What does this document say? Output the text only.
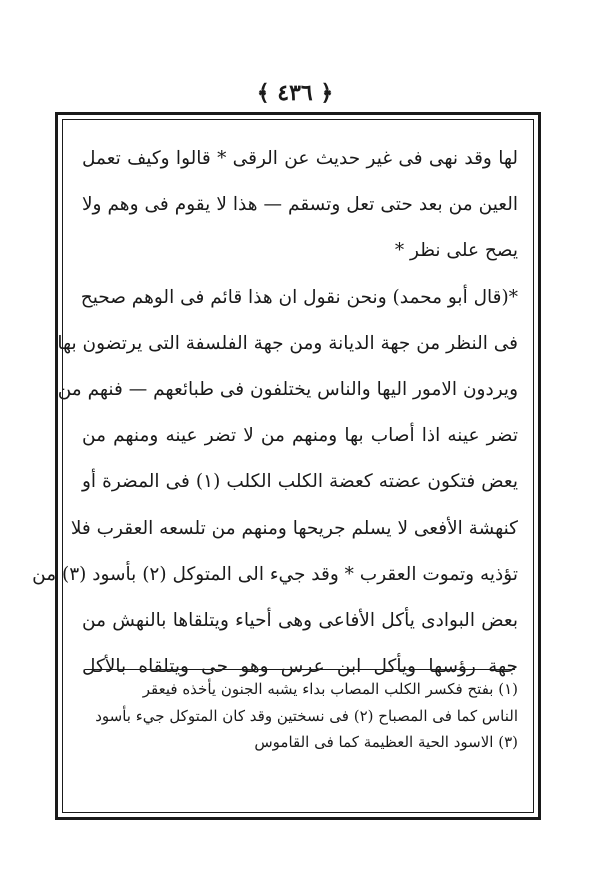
﴿ ٤٣٦ ﴾
لها وقد نهى فى غير حديث عن الرقى * قالوا وكيف تعمل
العين من بعد حتى تعل وتسقم — هذا لا يقوم فى وهم ولا
يصح على نظر *
*(قال أبو محمد) ونحن نقول ان هذا قائم فى الوهم صحيح
فى النظر من جهة الديانة ومن جهة الفلسفة التى يرتضون بها
ويردون الامور اليها والناس يختلفون فى طبائعهم — فنهم من
تضر عينه اذا أصاب بها ومنهم من لا تضر عينه ومنهم من
يعض فتكون عضته كعضة الكلب الكلب (١) فى المضرة أو
كنهشة الأفعى لا يسلم جريحها ومنهم من تلسعه العقرب فلا
تؤذيه وتموت العقرب * وقد جيء الى المتوكل (٢) بأسود (٣) من
بعض البوادى يأكل الأفاعى وهى أحياء ويتلقاها بالنهش من
جهة رؤسها ويأكل ابن عرس وهو حى ويتلقاه بالأكل
(١) بفتح فكسر الكلب المصاب بداء يشبه الجنون يأخذه فيعقر
الناس كما فى المصباح (٢) فى نسختين وقد كان المتوكل جيء بأسود
(٣) الاسود الحية العظيمة كما فى القاموس
